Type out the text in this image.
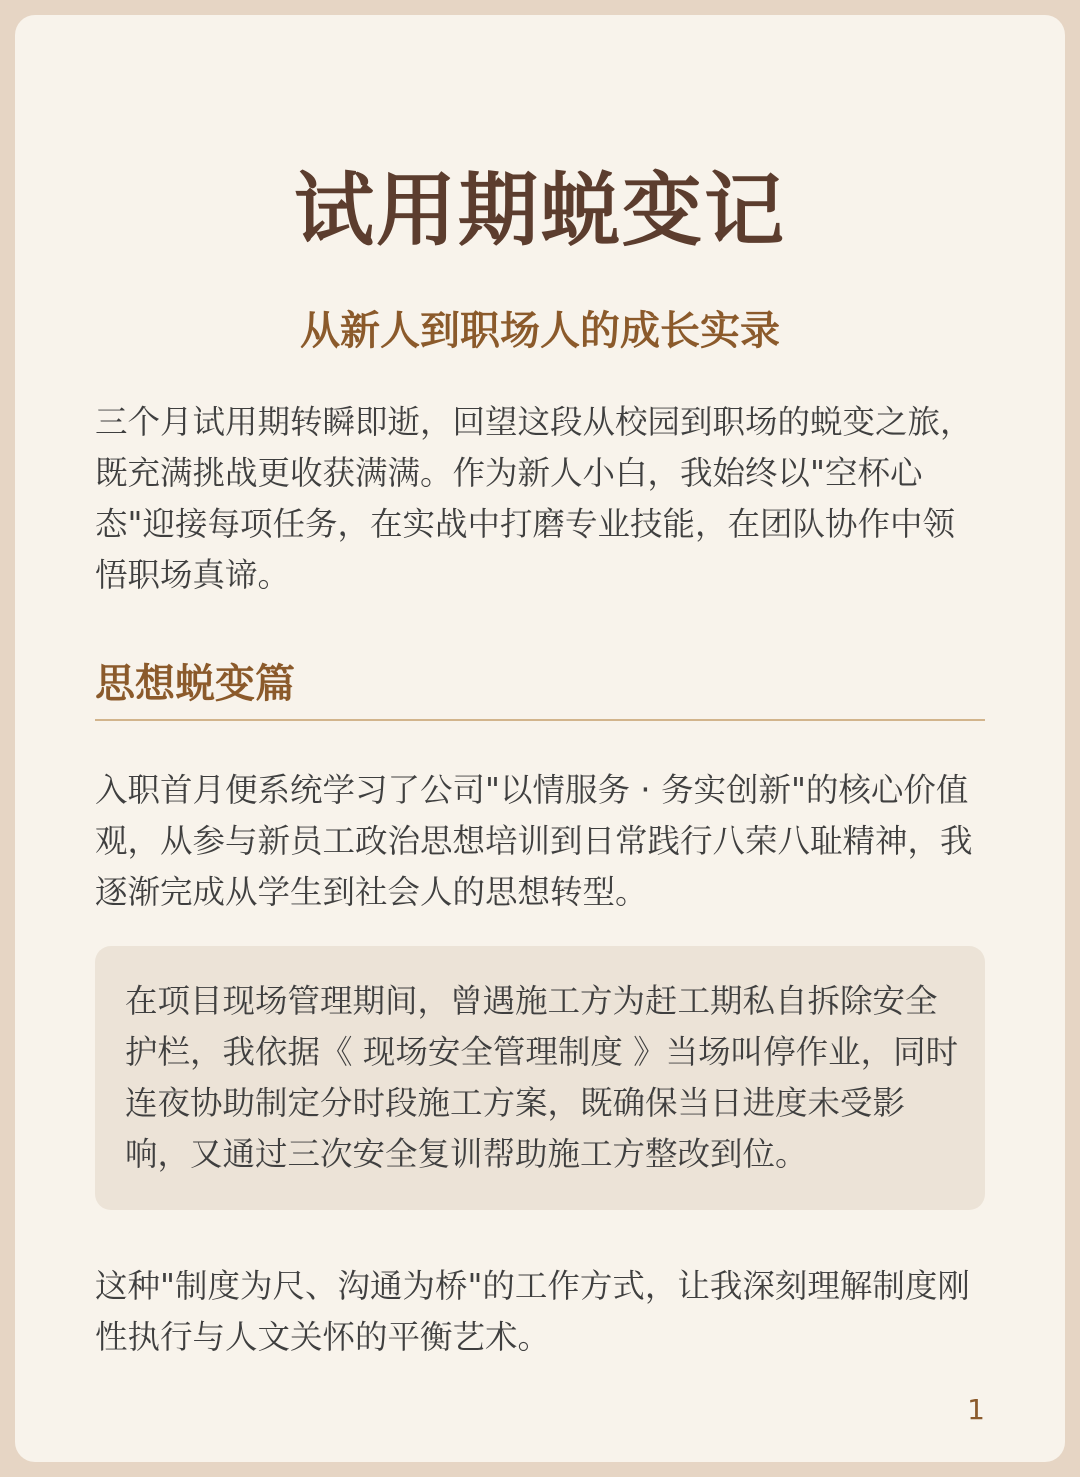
试用期蜕变记
从新人到职场人的成长实录

三个月试用期转瞬即逝，回望这段从校园到职场的蜕变之旅，既充满挑战更收获满满。作为新人小白，我始终以"空杯心态"迎接每项任务，在实战中打磨专业技能，在团队协作中领悟职场真谛。

思想蜕变篇

入职首月便系统学习了公司"以情服务 · 务实创新"的核心价值观，从参与新员工政治思想培训到日常践行八荣八耻精神，我逐渐完成从学生到社会人的思想转型。

在项目现场管理期间，曾遇施工方为赶工期私自拆除安全护栏，我依据《 现场安全管理制度 》当场叫停作业，同时连夜协助制定分时段施工方案，既确保当日进度未受影响，又通过三次安全复训帮助施工方整改到位。

这种"制度为尺、沟通为桥"的工作方式，让我深刻理解制度刚性执行与人文关怀的平衡艺术。

1
